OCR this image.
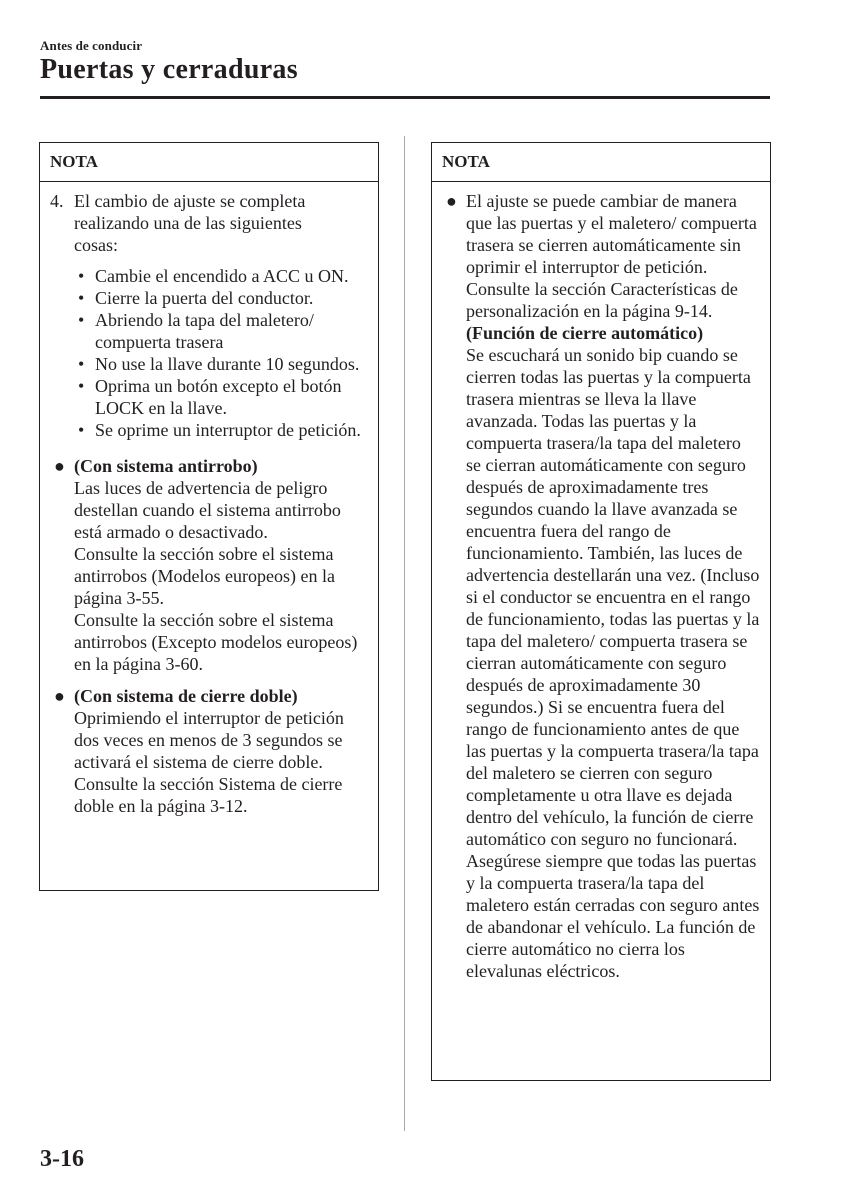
Antes de conducir
Puertas y cerraduras
NOTA
4. El cambio de ajuste se completa realizando una de las siguientes cosas:
• Cambie el encendido a ACC u ON.
• Cierre la puerta del conductor.
• Abriendo la tapa del maletero/ compuerta trasera
• No use la llave durante 10 segundos.
• Oprima un botón excepto el botón LOCK en la llave.
• Se oprime un interruptor de petición.
● (Con sistema antirrobo)
Las luces de advertencia de peligro destellan cuando el sistema antirrobo está armado o desactivado.
Consulte la sección sobre el sistema antirrobos (Modelos europeos) en la página 3-55.
Consulte la sección sobre el sistema antirrobos (Excepto modelos europeos) en la página 3-60.
● (Con sistema de cierre doble)
Oprimiendo el interruptor de petición dos veces en menos de 3 segundos se activará el sistema de cierre doble.
Consulte la sección Sistema de cierre doble en la página 3-12.
NOTA
● El ajuste se puede cambiar de manera que las puertas y el maletero/ compuerta trasera se cierren automáticamente sin oprimir el interruptor de petición.
Consulte la sección Características de personalización en la página 9-14.
(Función de cierre automático)
Se escuchará un sonido bip cuando se cierren todas las puertas y la compuerta trasera mientras se lleva la llave avanzada. Todas las puertas y la compuerta trasera/la tapa del maletero se cierran automáticamente con seguro después de aproximadamente tres segundos cuando la llave avanzada se encuentra fuera del rango de funcionamiento. También, las luces de advertencia destellarán una vez. (Incluso si el conductor se encuentra en el rango de funcionamiento, todas las puertas y la tapa del maletero/ compuerta trasera se cierran automáticamente con seguro después de aproximadamente 30 segundos.) Si se encuentra fuera del rango de funcionamiento antes de que las puertas y la compuerta trasera/la tapa del maletero se cierren con seguro completamente u otra llave es dejada dentro del vehículo, la función de cierre automático con seguro no funcionará. Asegúrese siempre que todas las puertas y la compuerta trasera/la tapa del maletero están cerradas con seguro antes de abandonar el vehículo. La función de cierre automático no cierra los elevalunas eléctricos.
3-16
